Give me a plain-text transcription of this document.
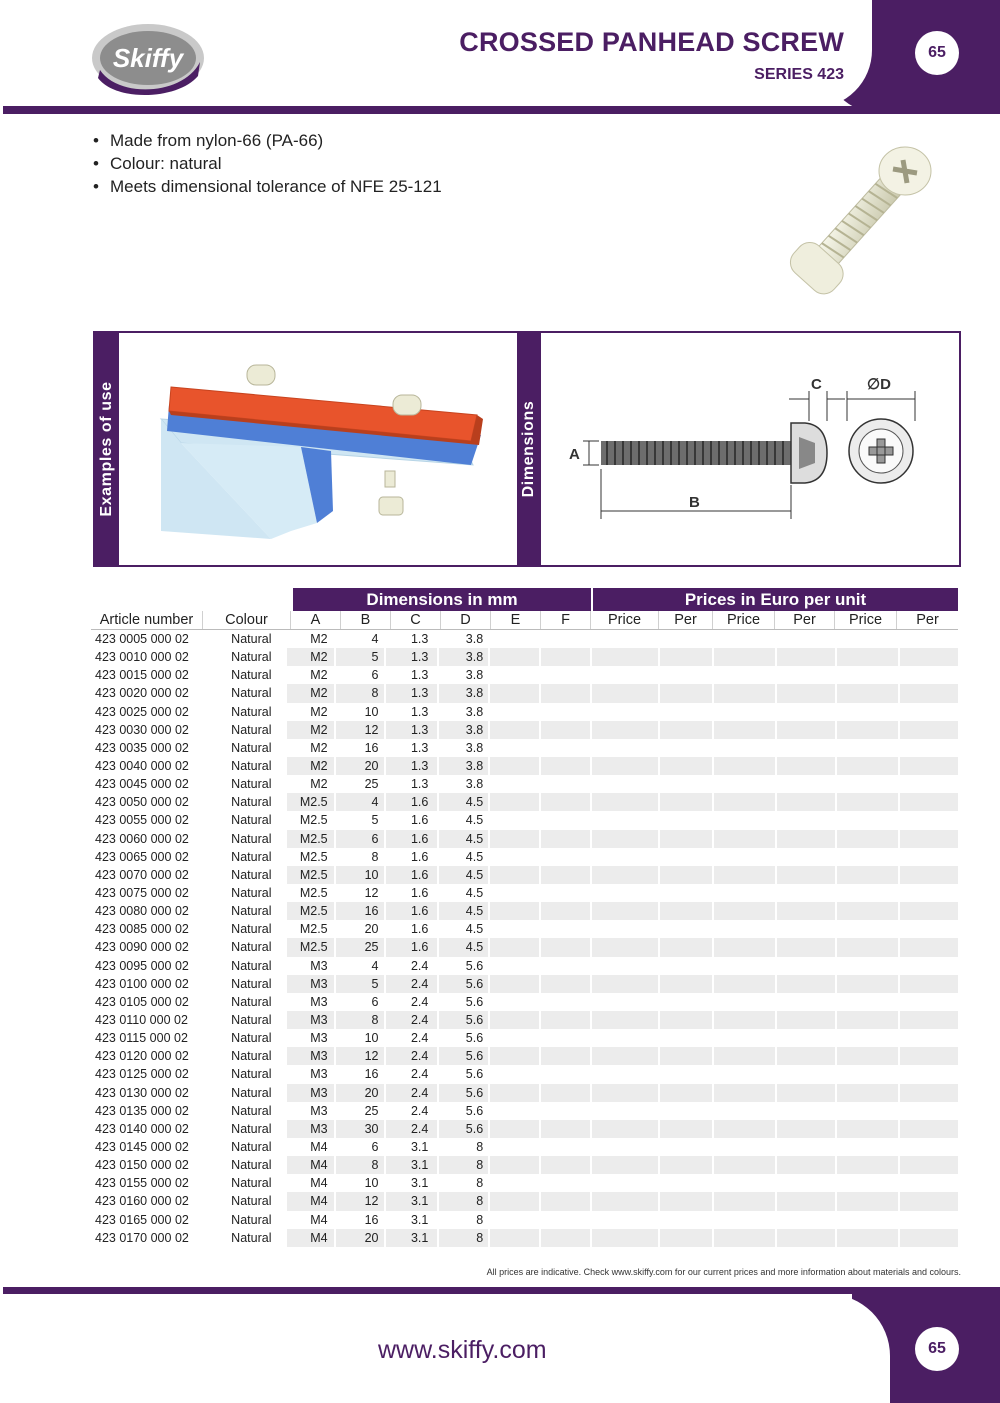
Skiffy
CROSSED PANHEAD SCREW
SERIES 423
65
• Made from nylon-66 (PA-66)
• Colour: natural
• Meets dimensional tolerance of NFE 25-121
Examples of use	Dimensions A
B
C	∅D
Dimensions in mm	Prices in Euro per unit
Article number	Colour	A	B	C	D	E	F	Price	Per	Price	Per	Price	Per
423 0005 000 02	Natural	M2	4	1.3	3.8
423 0010 000 02	Natural	M2	5	1.3	3.8
423 0015 000 02	Natural	M2	6	1.3	3.8
423 0020 000 02	Natural	M2	8	1.3	3.8
423 0025 000 02	Natural	M2	10	1.3	3.8
423 0030 000 02	Natural	M2	12	1.3	3.8
423 0035 000 02	Natural	M2	16	1.3	3.8
423 0040 000 02	Natural	M2	20	1.3	3.8
423 0045 000 02	Natural	M2	25	1.3	3.8
423 0050 000 02	Natural	M2.5	4	1.6	4.5
423 0055 000 02	Natural	M2.5	5	1.6	4.5
423 0060 000 02	Natural	M2.5	6	1.6	4.5
423 0065 000 02	Natural	M2.5	8	1.6	4.5
423 0070 000 02	Natural	M2.5	10	1.6	4.5
423 0075 000 02	Natural	M2.5	12	1.6	4.5
423 0080 000 02	Natural	M2.5	16	1.6	4.5
423 0085 000 02	Natural	M2.5	20	1.6	4.5
423 0090 000 02	Natural	M2.5	25	1.6	4.5
423 0095 000 02	Natural	M3	4	2.4	5.6
423 0100 000 02	Natural	M3	5	2.4	5.6
423 0105 000 02	Natural	M3	6	2.4	5.6
423 0110 000 02	Natural	M3	8	2.4	5.6
423 0115 000 02	Natural	M3	10	2.4	5.6
423 0120 000 02	Natural	M3	12	2.4	5.6
423 0125 000 02	Natural	M3	16	2.4	5.6
423 0130 000 02	Natural	M3	20	2.4	5.6
423 0135 000 02	Natural	M3	25	2.4	5.6
423 0140 000 02	Natural	M3	30	2.4	5.6
423 0145 000 02	Natural	M4	6	3.1	8
423 0150 000 02	Natural	M4	8	3.1	8
423 0155 000 02	Natural	M4	10	3.1	8
423 0160 000 02	Natural	M4	12	3.1	8
423 0165 000 02	Natural	M4	16	3.1	8
423 0170 000 02	Natural	M4	20	3.1	8
All prices are indicative. Check www.skiffy.com for our current prices and more information about materials and colours.
www.skiffy.com	65
